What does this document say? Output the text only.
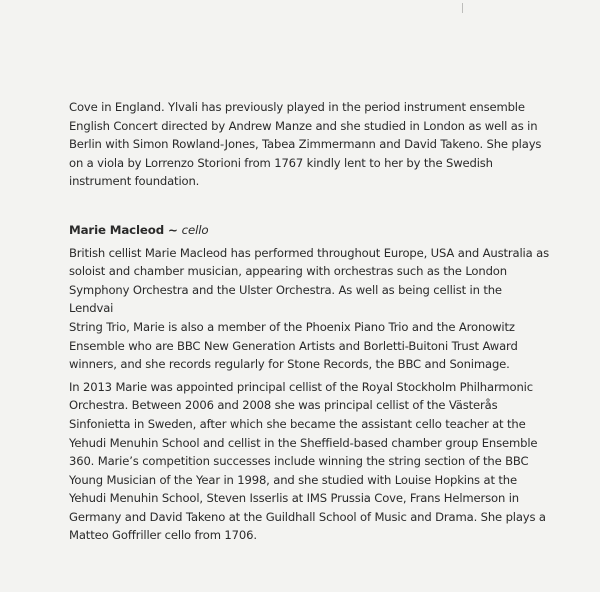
Cove in England. Ylvali has previously played in the period instrument ensemble
English Concert directed by Andrew Manze and she studied in London as well as in
Berlin with Simon Rowland-Jones, Tabea Zimmermann and David Takeno. She plays
on a viola by Lorrenzo Storioni from 1767 kindly lent to her by the Swedish
instrument foundation.

Marie Macleod ~ cello

British cellist Marie Macleod has performed throughout Europe, USA and Australia as
soloist and chamber musician, appearing with orchestras such as the London
Symphony Orchestra and the Ulster Orchestra. As well as being cellist in the Lendvai
String Trio, Marie is also a member of the Phoenix Piano Trio and the Aronowitz
Ensemble who are BBC New Generation Artists and Borletti-Buitoni Trust Award
winners, and she records regularly for Stone Records, the BBC and Sonimage.

In 2013 Marie was appointed principal cellist of the Royal Stockholm Philharmonic
Orchestra. Between 2006 and 2008 she was principal cellist of the Västerås
Sinfonietta in Sweden, after which she became the assistant cello teacher at the
Yehudi Menuhin School and cellist in the Sheffield-based chamber group Ensemble
360. Marie’s competition successes include winning the string section of the BBC
Young Musician of the Year in 1998, and she studied with Louise Hopkins at the
Yehudi Menuhin School, Steven Isserlis at IMS Prussia Cove, Frans Helmerson in
Germany and David Takeno at the Guildhall School of Music and Drama. She plays a
Matteo Goffriller cello from 1706.
